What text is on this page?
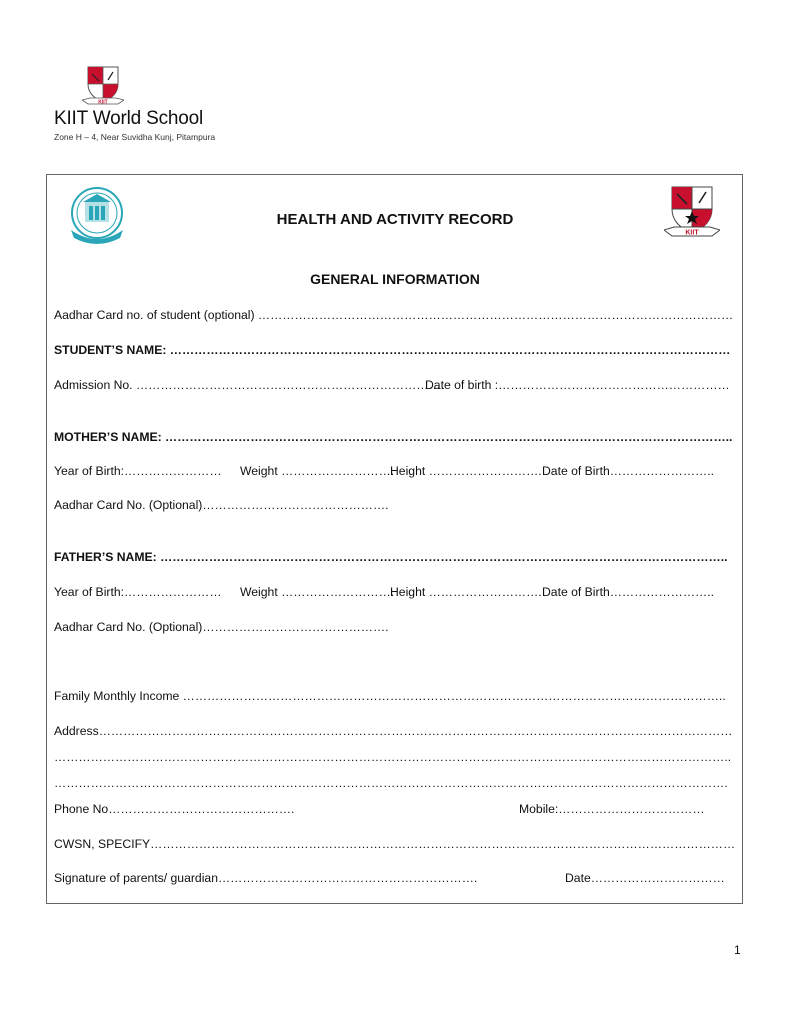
KIIT
KIIT World School
Zone H – 4, Near Suvidha Kunj, Pitampura
KIIT
HEALTH AND ACTIVITY RECORD
GENERAL INFORMATION
Aadhar Card no. of student (optional) ………………………………………………………………………………………………………
STUDENT’S NAME: …………………………………………………………………………………………………………………………
Admission No. ………………………………………………………………….
Date of birth :…………………………………………………
MOTHER’S NAME: …………………………………………………………………………………………………………………………..
Year of Birth:…………………… Weight ……………………….
Height ………………………. Date of Birth……………………..
Aadhar Card No. (Optional)……………………………………….
FATHER’S NAME: …………………………………………………………………………………………………………………………..
Year of Birth:…………………… Weight ……………………….
Height ………………………. Date of Birth……………………..
Aadhar Card No. (Optional)……………………………………….
Family Monthly Income ……………………………………………………………………………………………………………………..
Address…………………………………………………………………………………………………………………………………………
…………………………………………………………………………………………………………………………………………………..
………………………………………………………………………………………………………………………………………………….
Phone No……………………………………….	Mobile:………………………………
CWSN, SPECIFY………………………………………………………………………………………………………………………………
Signature of parents/ guardian……………………………………………………….	Date……………………………
1
